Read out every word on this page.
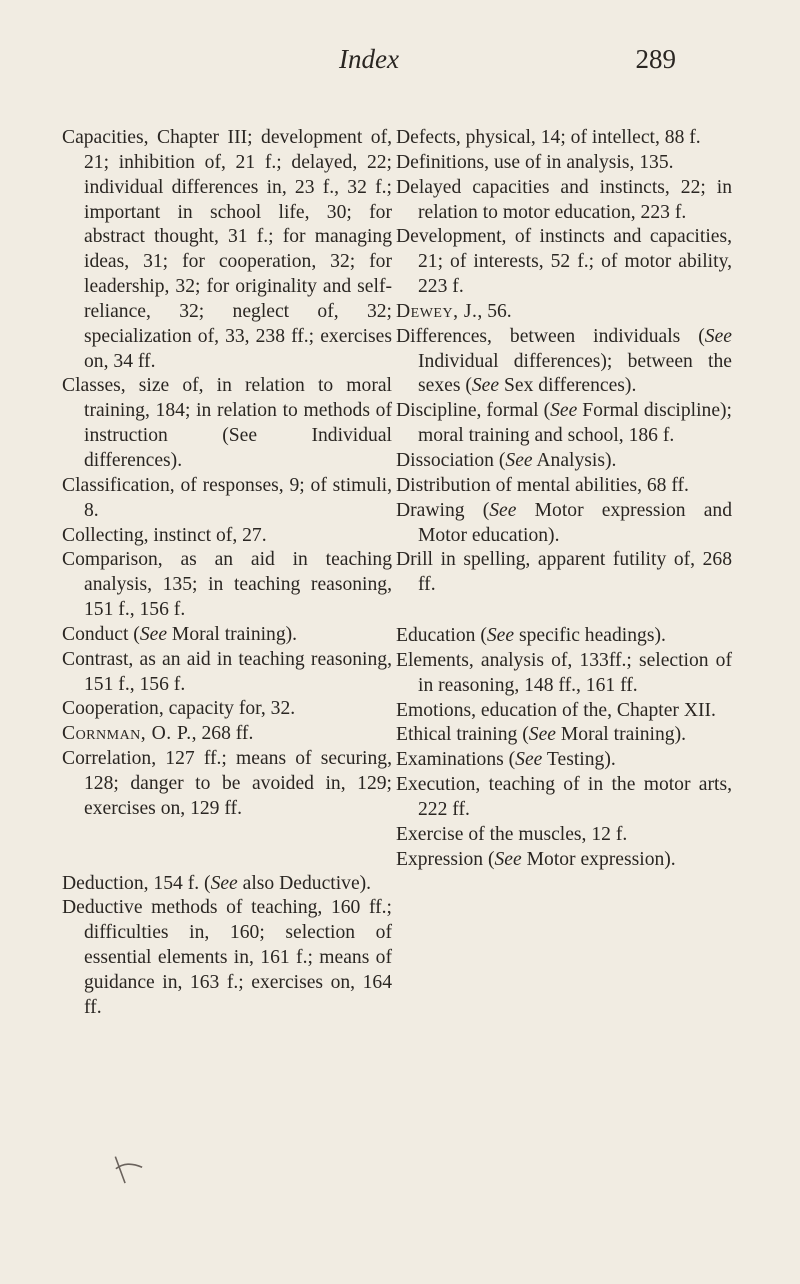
Index	289

Capacities, Chapter III; development of, 21; inhibition of, 21 f.; delayed, 22; individual differences in, 23 f., 32 f.; important in school life, 30; for abstract thought, 31 f.; for managing ideas, 31; for cooperation, 32; for leadership, 32; for originality and self-reliance, 32; neglect of, 32; specialization of, 33, 238 ff.; exercises on, 34 ff.

Classes, size of, in relation to moral training, 184; in relation to methods of instruction (See Individual differences).

Classification, of responses, 9; of stimuli, 8.

Collecting, instinct of, 27.

Comparison, as an aid in teaching analysis, 135; in teaching reasoning, 151 f., 156 f.

Conduct (See Moral training).

Contrast, as an aid in teaching reasoning, 151 f., 156 f.

Cooperation, capacity for, 32.

Cornman, O. P., 268 ff.

Correlation, 127 ff.; means of securing, 128; danger to be avoided in, 129; exercises on, 129 ff.

Deduction, 154 f. (See also Deductive).

Deductive methods of teaching, 160 ff.; difficulties in, 160; selection of essential elements in, 161 f.; means of guidance in, 163 f.; exercises on, 164 ff.

Defects, physical, 14; of intellect, 88 f.

Definitions, use of in analysis, 135.

Delayed capacities and instincts, 22; in relation to motor education, 223 f.

Development, of instincts and capacities, 21; of interests, 52 f.; of motor ability, 223 f.

Dewey, J., 56.

Differences, between individuals (See Individual differences); between the sexes (See Sex differences).

Discipline, formal (See Formal discipline); moral training and school, 186 f.

Dissociation (See Analysis).

Distribution of mental abilities, 68 ff.

Drawing (See Motor expression and Motor education).

Drill in spelling, apparent futility of, 268 ff.

Education (See specific headings).

Elements, analysis of, 133ff.; selection of in reasoning, 148 ff., 161 ff.

Emotions, education of the, Chapter XII.

Ethical training (See Moral training).

Examinations (See Testing).

Execution, teaching of in the motor arts, 222 ff.

Exercise of the muscles, 12 f.

Expression (See Motor expression).
